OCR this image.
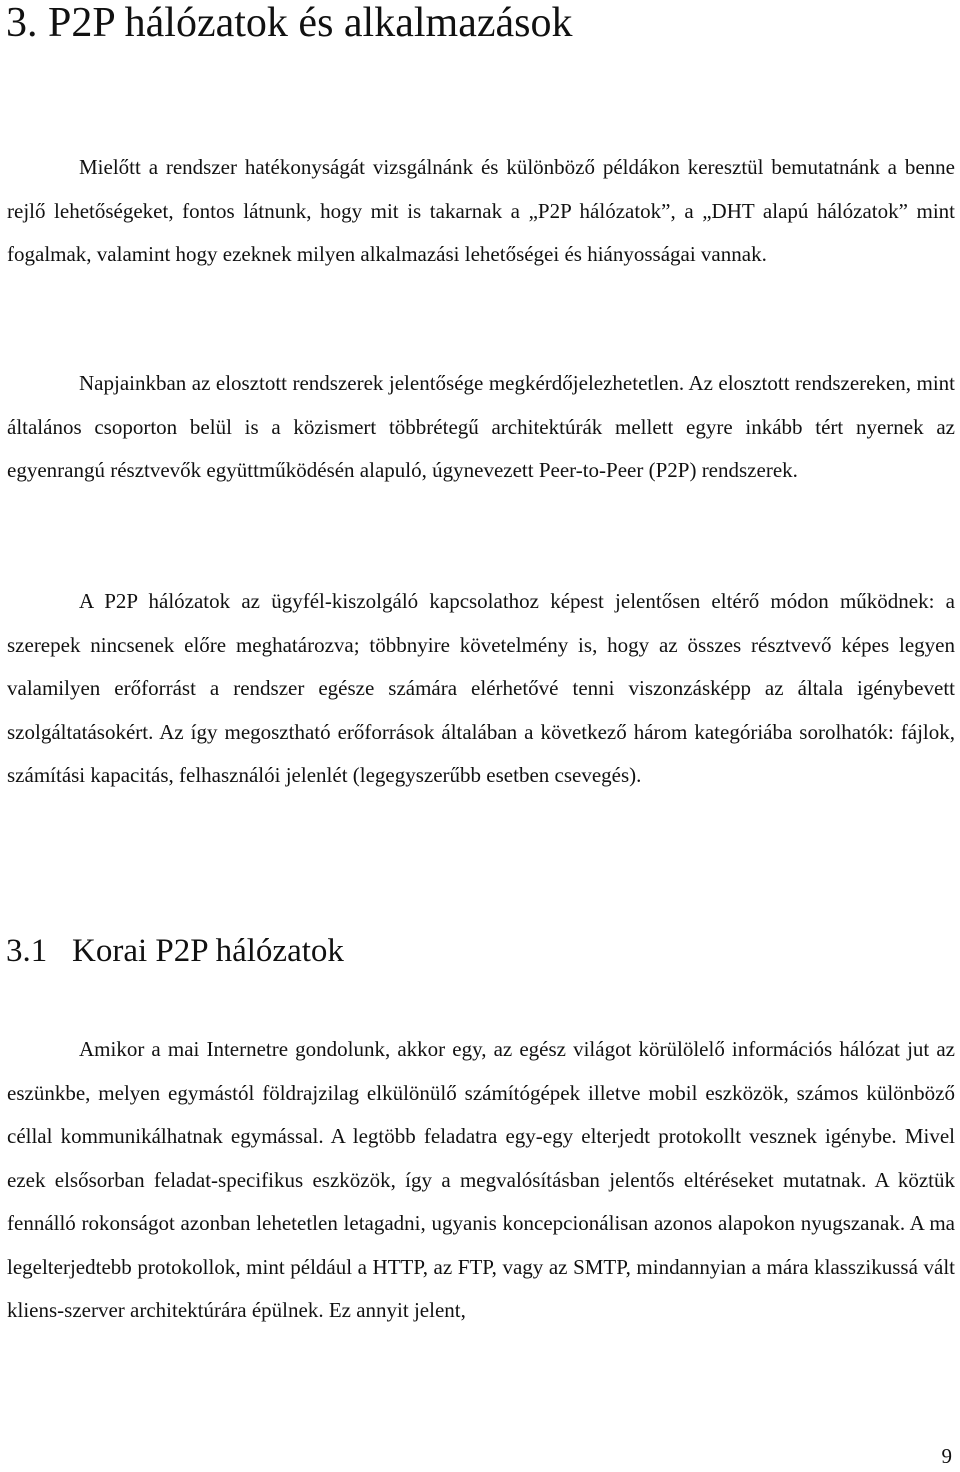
3. P2P hálózatok és alkalmazások

Mielőtt a rendszer hatékonyságát vizsgálnánk és különböző példákon keresztül bemutatnánk a benne rejlő lehetőségeket, fontos látnunk, hogy mit is takarnak a „P2P hálózatok”, a „DHT alapú hálózatok” mint fogalmak, valamint hogy ezeknek milyen alkalmazási lehetőségei és hiányosságai vannak.

Napjainkban az elosztott rendszerek jelentősége megkérdőjelezhetetlen. Az elosztott rendszereken, mint általános csoporton belül is a közismert többrétegű architektúrák mellett egyre inkább tért nyernek az egyenrangú résztvevők együttműködésén alapuló, úgynevezett Peer-to-Peer (P2P) rendszerek.

A P2P hálózatok az ügyfél-kiszolgáló kapcsolathoz képest jelentősen eltérő módon működnek: a szerepek nincsenek előre meghatározva; többnyire követelmény is, hogy az összes résztvevő képes legyen valamilyen erőforrást a rendszer egésze számára elérhetővé tenni viszonzásképp az általa igénybevett szolgáltatásokért. Az így megosztható erőforrások általában a következő három kategóriába sorolhatók: fájlok, számítási kapacitás, felhasználói jelenlét (legegyszerűbb esetben csevegés).

3.1 Korai P2P hálózatok

Amikor a mai Internetre gondolunk, akkor egy, az egész világot körülölelő információs hálózat jut az eszünkbe, melyen egymástól földrajzilag elkülönülő számítógépek illetve mobil eszközök, számos különböző céllal kommunikálhatnak egymással. A legtöbb feladatra egy-egy elterjedt protokollt vesznek igénybe. Mivel ezek elsősorban feladat-specifikus eszközök, így a megvalósításban jelentős eltéréseket mutatnak. A köztük fennálló rokonságot azonban lehetetlen letagadni, ugyanis koncepcionálisan azonos alapokon nyugszanak. A ma legelterjedtebb protokollok, mint például a HTTP, az FTP, vagy az SMTP, mindannyian a mára klasszikussá vált kliens-szerver architektúrára épülnek. Ez annyit jelent,

9
